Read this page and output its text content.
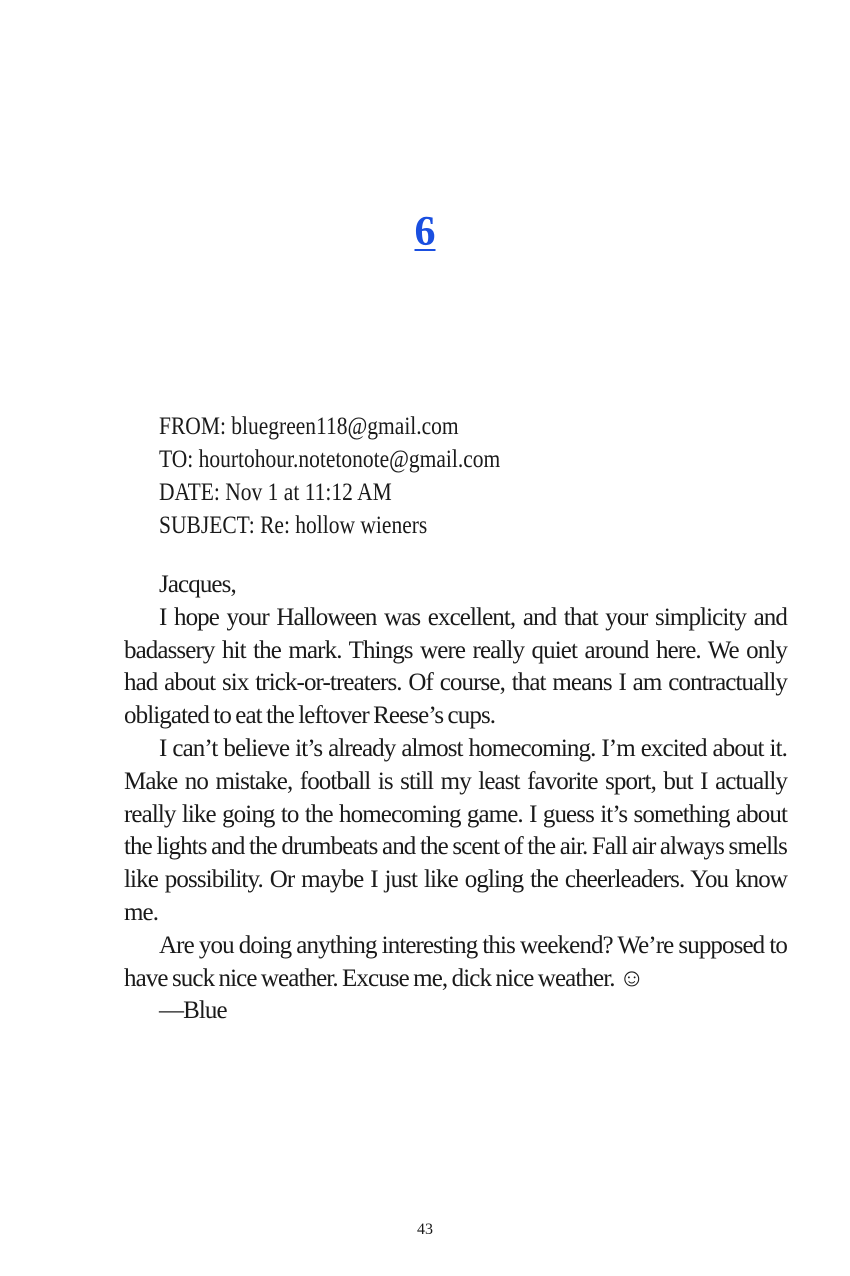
6
FROM: bluegreen118@gmail.com
TO: hourtohour.notetonote@gmail.com
DATE: Nov 1 at 11:12 AM
SUBJECT: Re: hollow wieners

Jacques,

I hope your Halloween was excellent, and that your simplicity and badassery hit the mark. Things were really quiet around here. We only had about six trick-or-treaters. Of course, that means I am contractually obligated to eat the leftover Reese’s cups.

I can’t believe it’s already almost homecoming. I’m excited about it. Make no mistake, football is still my least favorite sport, but I actually really like going to the homecoming game. I guess it’s something about the lights and the drumbeats and the scent of the air. Fall air always smells like possibility. Or maybe I just like ogling the cheerleaders. You know me.

Are you doing anything interesting this weekend? We’re supposed to have suck nice weather. Excuse me, dick nice weather. ☺

—Blue

43
